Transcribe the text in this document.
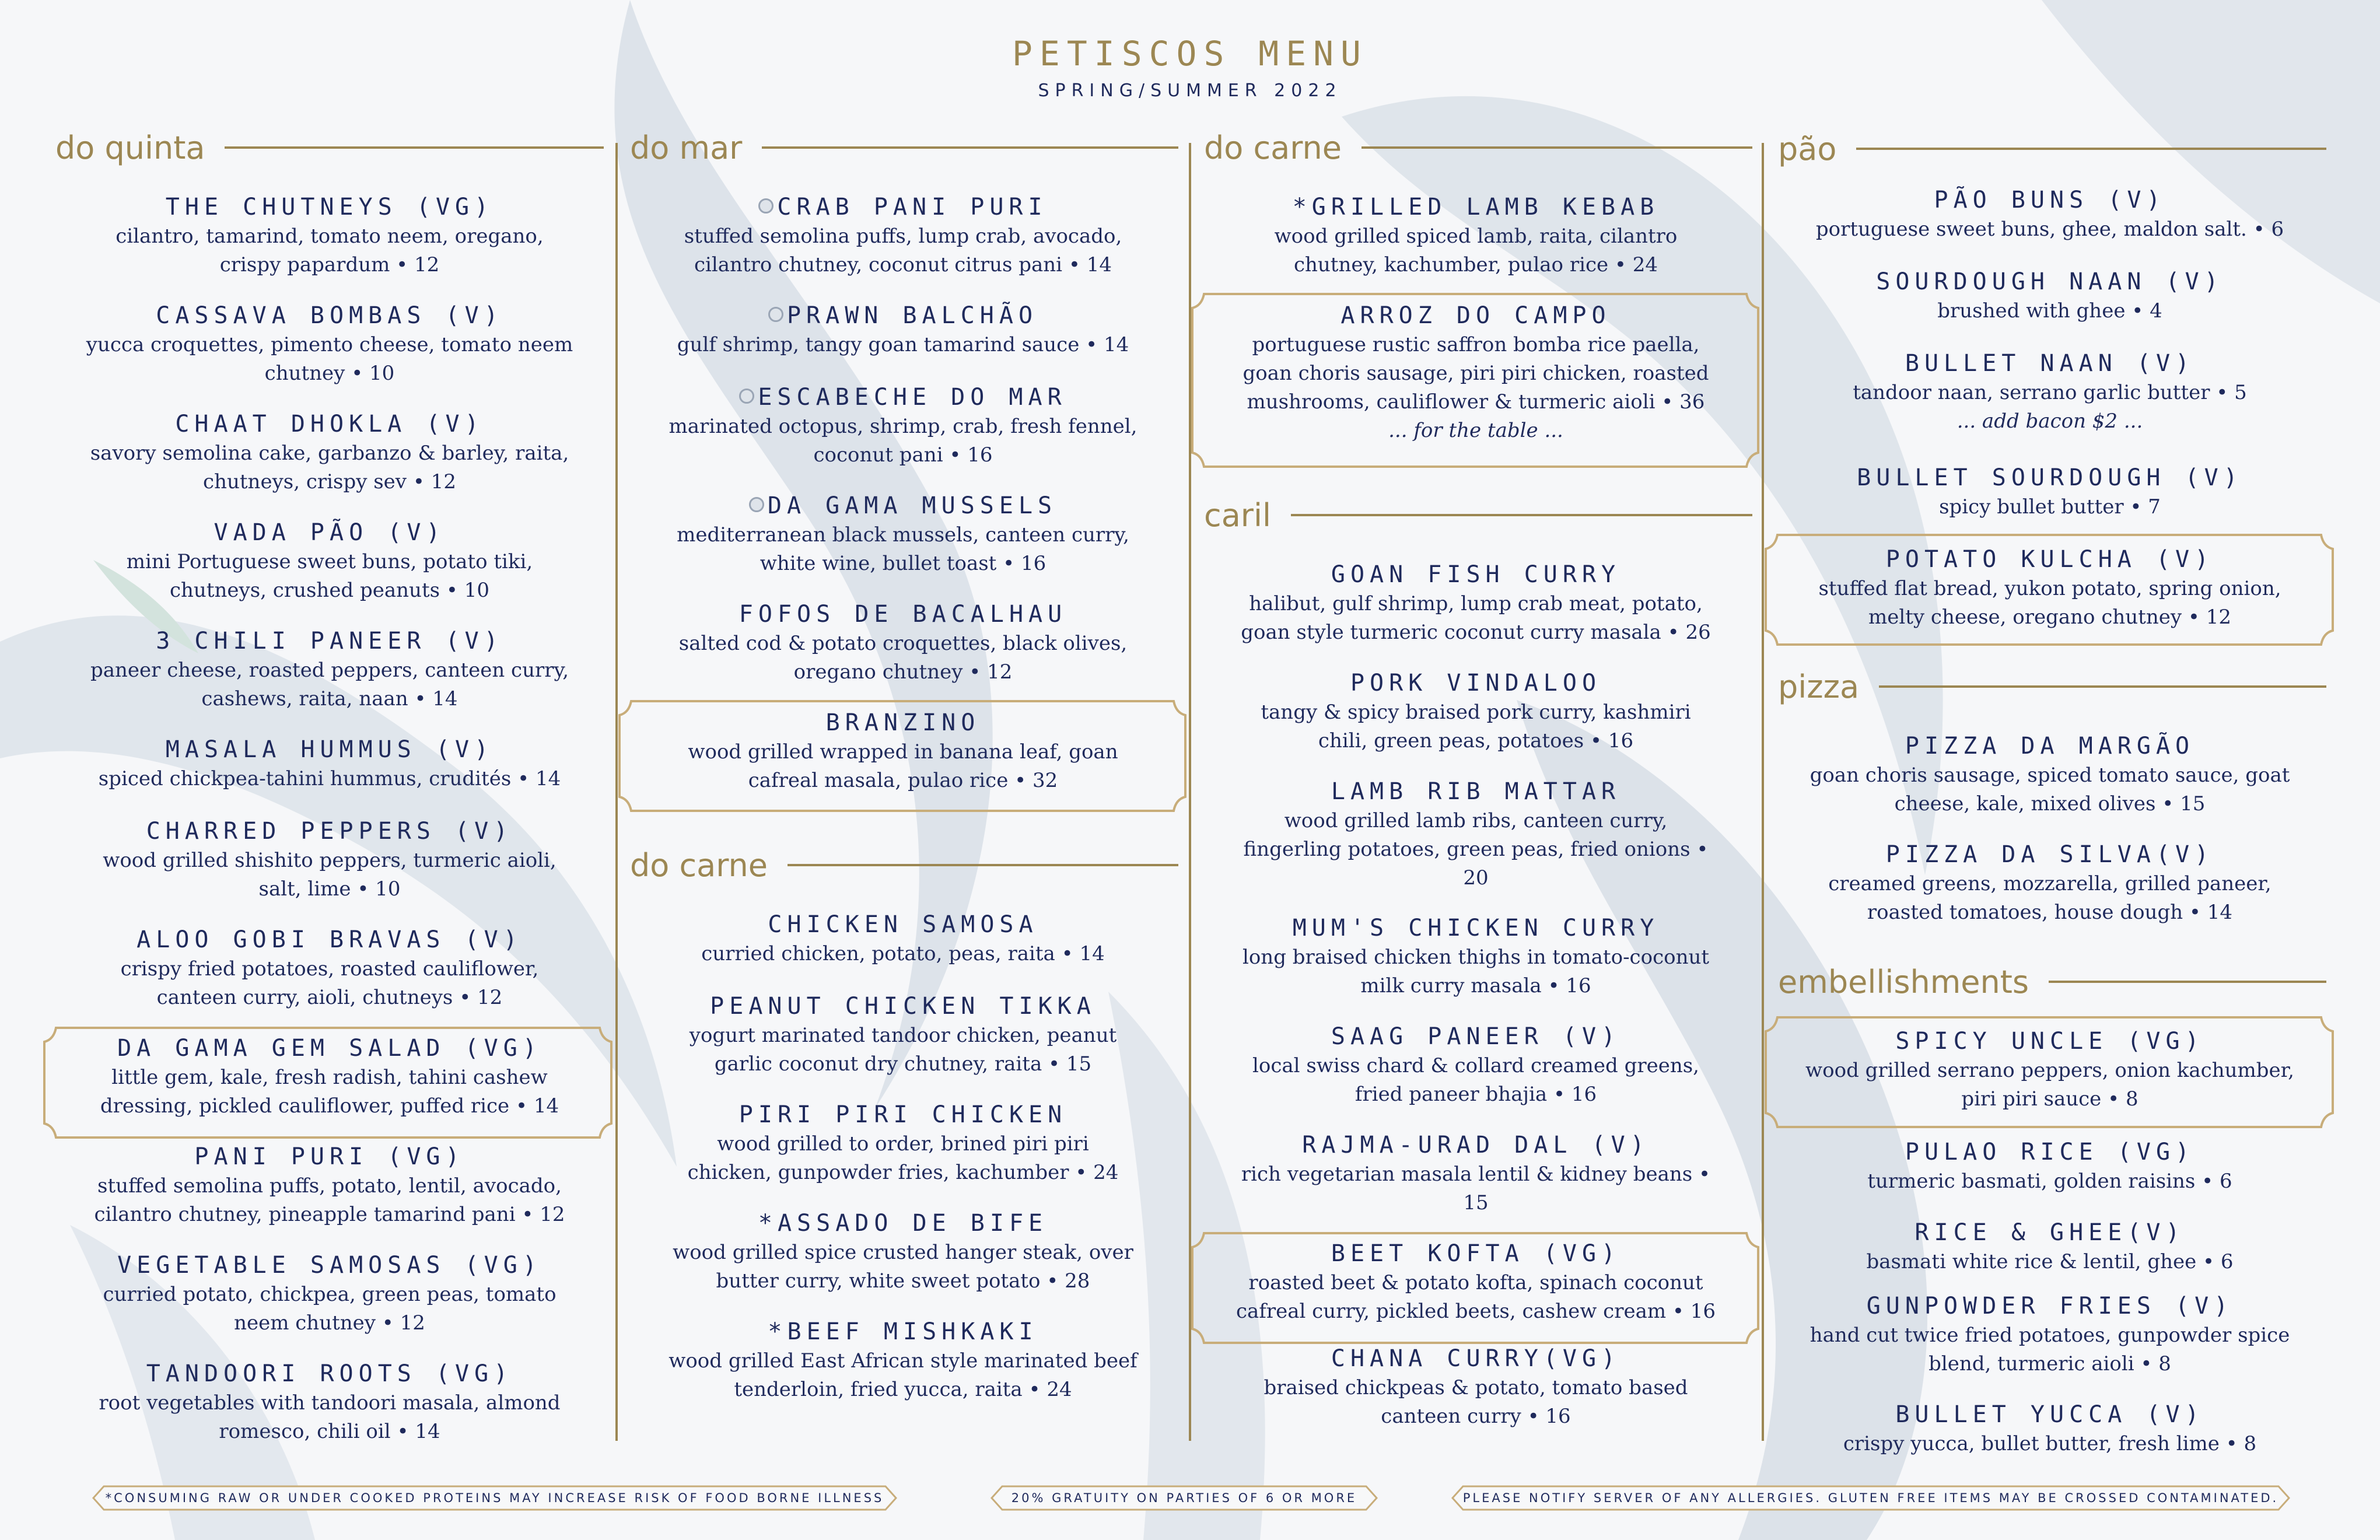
PETISCOS MENU
SPRING/SUMMER 2022
do quinta
THE CHUTNEYS (VG)
cilantro, tamarind, tomato neem, oregano,
crispy papardum • 12
CASSAVA BOMBAS (V)
yucca croquettes, pimento cheese, tomato neem
chutney • 10
CHAAT DHOKLA (V)
savory semolina cake, garbanzo & barley, raita,
chutneys, crispy sev • 12
VADA PÃO (V)
mini Portuguese sweet buns, potato tiki,
chutneys, crushed peanuts • 10
3 CHILI PANEER (V)
paneer cheese, roasted peppers, canteen curry,
cashews, raita, naan • 14
MASALA HUMMUS (V)
spiced chickpea-tahini hummus, crudités • 14
CHARRED PEPPERS (V)
wood grilled shishito peppers, turmeric aioli,
salt, lime • 10
ALOO GOBI BRAVAS (V)
crispy fried potatoes, roasted cauliflower,
canteen curry, aioli, chutneys • 12
DA GAMA GEM SALAD (VG)
little gem, kale, fresh radish, tahini cashew
dressing, pickled cauliflower, puffed rice • 14
PANI PURI (VG)
stuffed semolina puffs, potato, lentil, avocado,
cilantro chutney, pineapple tamarind pani • 12
VEGETABLE SAMOSAS (VG)
curried potato, chickpea, green peas, tomato
neem chutney • 12
TANDOORI ROOTS (VG)
root vegetables with tandoori masala, almond
romesco, chili oil • 14
do mar
CRAB PANI PURI
stuffed semolina puffs, lump crab, avocado,
cilantro chutney, coconut citrus pani • 14
PRAWN BALCHÃO
gulf shrimp, tangy goan tamarind sauce • 14
ESCABECHE DO MAR
marinated octopus, shrimp, crab, fresh fennel,
coconut pani • 16
DA GAMA MUSSELS
mediterranean black mussels, canteen curry,
white wine, bullet toast • 16
FOFOS DE BACALHAU
salted cod & potato croquettes, black olives,
oregano chutney • 12
BRANZINO
wood grilled wrapped in banana leaf, goan
cafreal masala, pulao rice • 32
do carne
CHICKEN SAMOSA
curried chicken, potato, peas, raita • 14
PEANUT CHICKEN TIKKA
yogurt marinated tandoor chicken, peanut
garlic coconut dry chutney, raita • 15
PIRI PIRI CHICKEN
wood grilled to order, brined piri piri
chicken, gunpowder fries, kachumber • 24
*ASSADO DE BIFE
wood grilled spice crusted hanger steak, over
butter curry, white sweet potato • 28
*BEEF MISHKAKI
wood grilled East African style marinated beef
tenderloin, fried yucca, raita • 24
do carne
*GRILLED LAMB KEBAB
wood grilled spiced lamb, raita, cilantro
chutney, kachumber, pulao rice • 24
ARROZ DO CAMPO
portuguese rustic saffron bomba rice paella,
goan choris sausage, piri piri chicken, roasted
mushrooms, cauliflower & turmeric aioli • 36
... for the table ...
caril
GOAN FISH CURRY
halibut, gulf shrimp, lump crab meat, potato,
goan style turmeric coconut curry masala • 26
PORK VINDALOO
tangy & spicy braised pork curry, kashmiri
chili, green peas, potatoes • 16
LAMB RIB MATTAR
wood grilled lamb ribs, canteen curry,
fingerling potatoes, green peas, fried onions •
20
MUM'S CHICKEN CURRY
long braised chicken thighs in tomato-coconut
milk curry masala • 16
SAAG PANEER (V)
local swiss chard & collard creamed greens,
fried paneer bhajia • 16
RAJMA-URAD DAL (V)
rich vegetarian masala lentil & kidney beans •
15
BEET KOFTA (VG)
roasted beet & potato kofta, spinach coconut
cafreal curry, pickled beets, cashew cream • 16
CHANA CURRY(VG)
braised chickpeas & potato, tomato based
canteen curry • 16
pão
PÃO BUNS (V)
portuguese sweet buns, ghee, maldon salt. • 6
SOURDOUGH NAAN (V)
brushed with ghee • 4
BULLET NAAN (V)
tandoor naan, serrano garlic butter • 5
... add bacon $2 ...
BULLET SOURDOUGH (V)
spicy bullet butter • 7
POTATO KULCHA (V)
stuffed flat bread, yukon potato, spring onion,
melty cheese, oregano chutney • 12
pizza
PIZZA DA MARGÃO
goan choris sausage, spiced tomato sauce, goat
cheese, kale, mixed olives • 15
PIZZA DA SILVA(V)
creamed greens, mozzarella, grilled paneer,
roasted tomatoes, house dough • 14
embellishments
SPICY UNCLE (VG)
wood grilled serrano peppers, onion kachumber,
piri piri sauce • 8
PULAO RICE (VG)
turmeric basmati, golden raisins • 6
RICE & GHEE(V)
basmati white rice & lentil, ghee • 6
GUNPOWDER FRIES (V)
hand cut twice fried potatoes, gunpowder spice
blend, turmeric aioli • 8
BULLET YUCCA (V)
crispy yucca, bullet butter, fresh lime • 8
*CONSUMING RAW OR UNDER COOKED PROTEINS MAY INCREASE RISK OF FOOD BORNE ILLNESS	20% GRATUITY ON PARTIES OF 6 OR MORE	PLEASE NOTIFY SERVER OF ANY ALLERGIES. GLUTEN FREE ITEMS MAY BE CROSSED CONTAMINATED.
